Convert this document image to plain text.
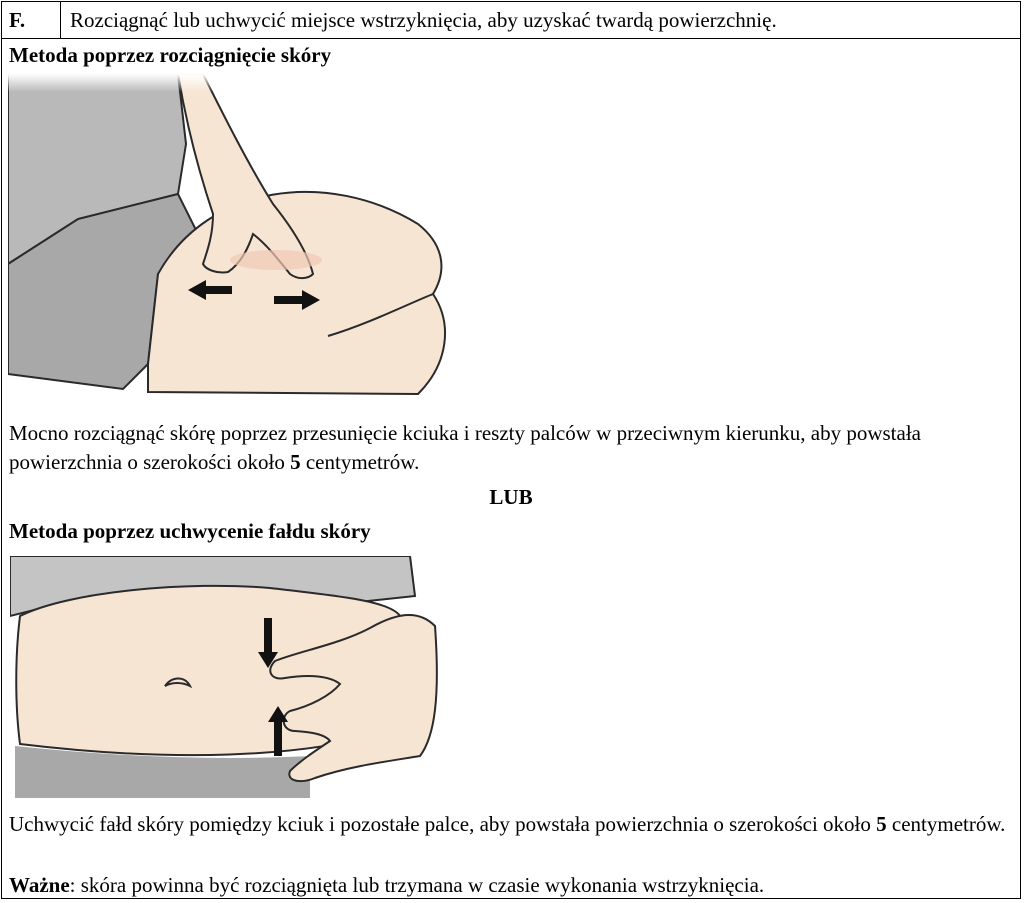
F.	Rozciągnąć lub uchwycić miejsce wstrzyknięcia, aby uzyskać twardą powierzchnię.
Metoda poprzez rozciągnięcie skóry
Mocno rozciągnąć skórę poprzez przesunięcie kciuka i reszty palców w przeciwnym kierunku, aby powstała powierzchnia o szerokości około 5 centymetrów.
LUB
Metoda poprzez uchwycenie fałdu skóry
Uchwycić fałd skóry pomiędzy kciuk i pozostałe palce, aby powstała powierzchnia o szerokości około 5 centymetrów.
Ważne: skóra powinna być rozciągnięta lub trzymana w czasie wykonania wstrzyknięcia.
